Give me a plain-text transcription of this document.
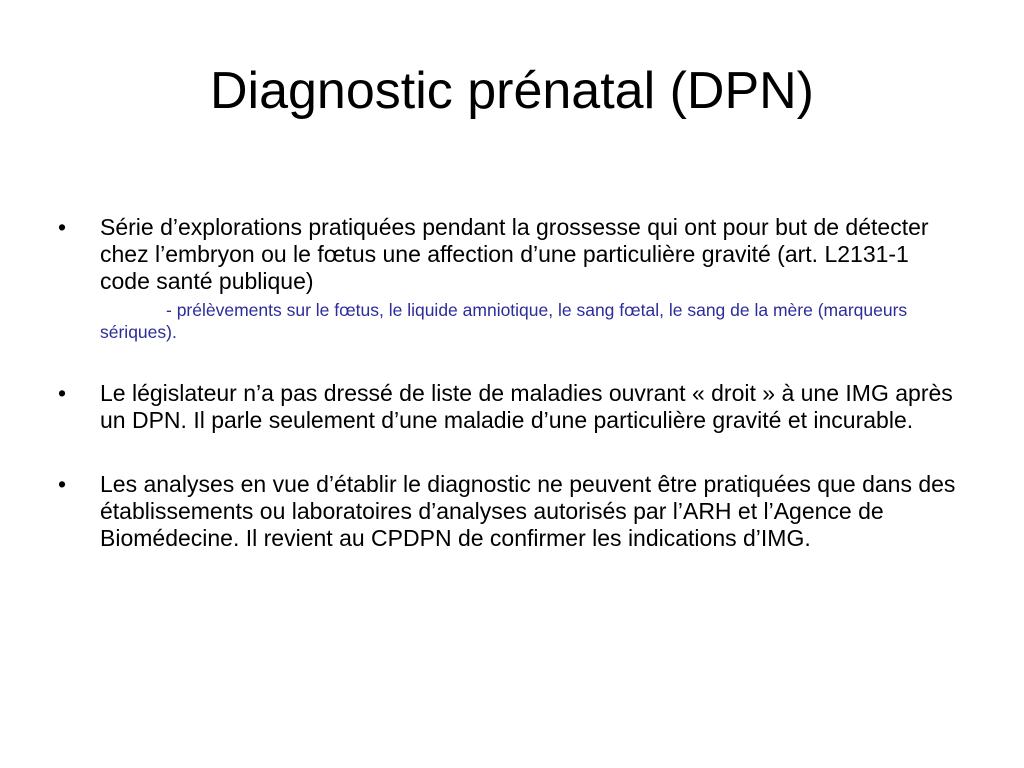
Diagnostic prénatal (DPN)
•	Série d’explorations pratiquées pendant la grossesse qui ont pour but de détecter chez l’embryon ou le fœtus une affection d’une particulière gravité (art. L2131-1 code santé publique)
- prélèvements sur le fœtus, le liquide amniotique, le sang fœtal, le sang de la mère (marqueurs sériques).
•	Le législateur n’a pas dressé de liste de maladies ouvrant « droit » à une IMG après un DPN. Il parle seulement d’une maladie d’une particulière gravité et incurable.
•	Les analyses en vue d’établir le diagnostic ne peuvent être pratiquées que dans des établissements ou laboratoires d’analyses autorisés par l’ARH et l’Agence de Biomédecine. Il revient au CPDPN de confirmer les indications d’IMG.
